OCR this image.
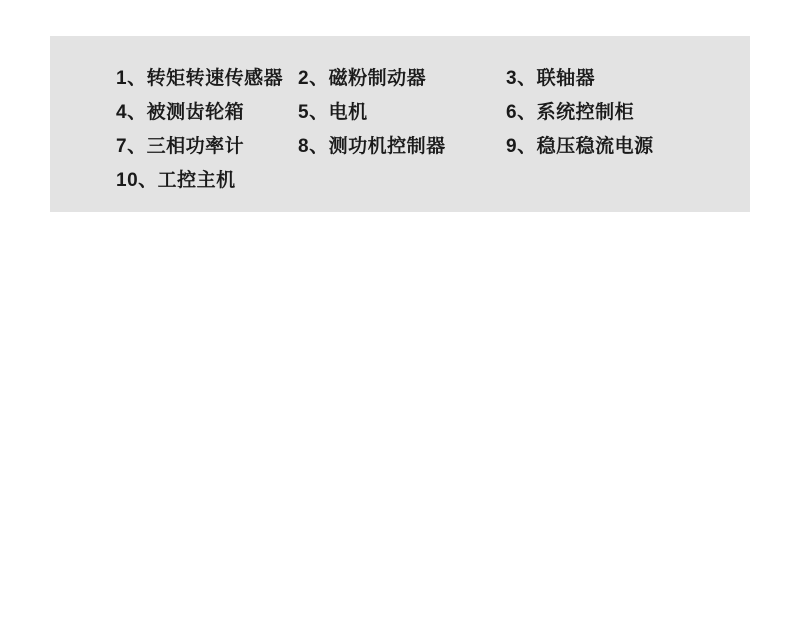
1、转矩转速传感器 2、磁粉制动器	3、联轴器
4、被测齿轮箱	5、电机	6、系统控制柜
7、三相功率计	8、测功机控制器	9、稳压稳流电源
10、工控主机
